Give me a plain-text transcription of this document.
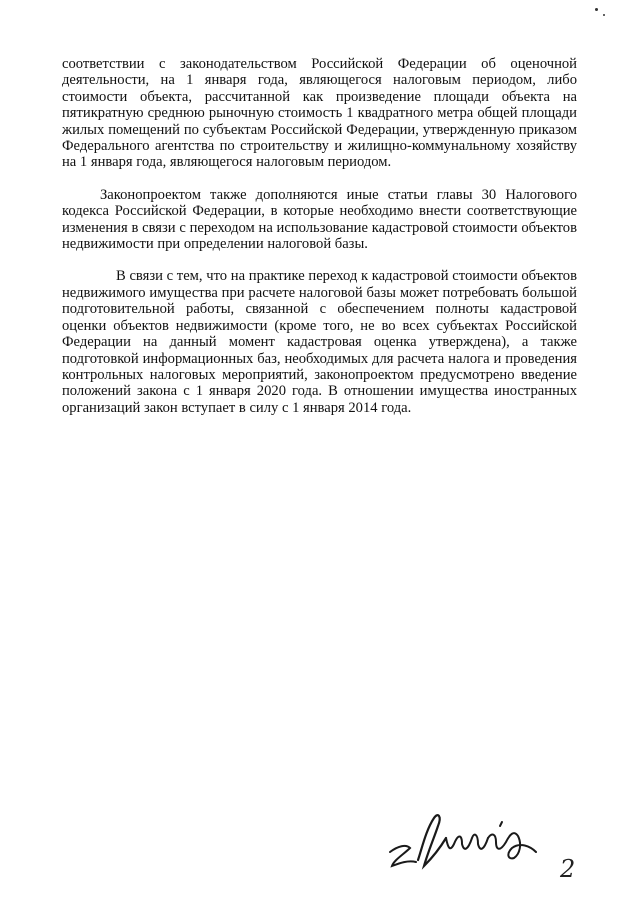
соответствии с законодательством Российской Федерации об оценочной деятельности, на 1 января года, являющегося налоговым периодом, либо стоимости объекта, рассчитанной как произведение площади объекта на пятикратную среднюю рыночную стоимость 1 квадратного метра общей площади жилых помещений по субъектам Российской Федерации, утвержденную приказом Федерального агентства по строительству и жилищно-коммунальному хозяйству на 1 января года, являющегося налоговым периодом.

Законопроектом также дополняются иные статьи главы 30 Налогового кодекса Российской Федерации, в которые необходимо внести соответствующие изменения в связи с переходом на использование кадастровой стоимости объектов недвижимости при определении налоговой базы.

В связи с тем, что на практике переход к кадастровой стоимости объектов недвижимого имущества при расчете налоговой базы может потребовать большой подготовительной работы, связанной с обеспечением полноты кадастровой оценки объектов недвижимости (кроме того, не во всех субъектах Российской Федерации на данный момент кадастровая оценка утверждена), а также подготовкой информационных баз, необходимых для расчета налога и проведения контрольных налоговых мероприятий, законопроектом предусмотрено введение положений закона с 1 января 2020 года. В отношении имущества иностранных организаций закон вступает в силу с 1 января 2014 года.

2
